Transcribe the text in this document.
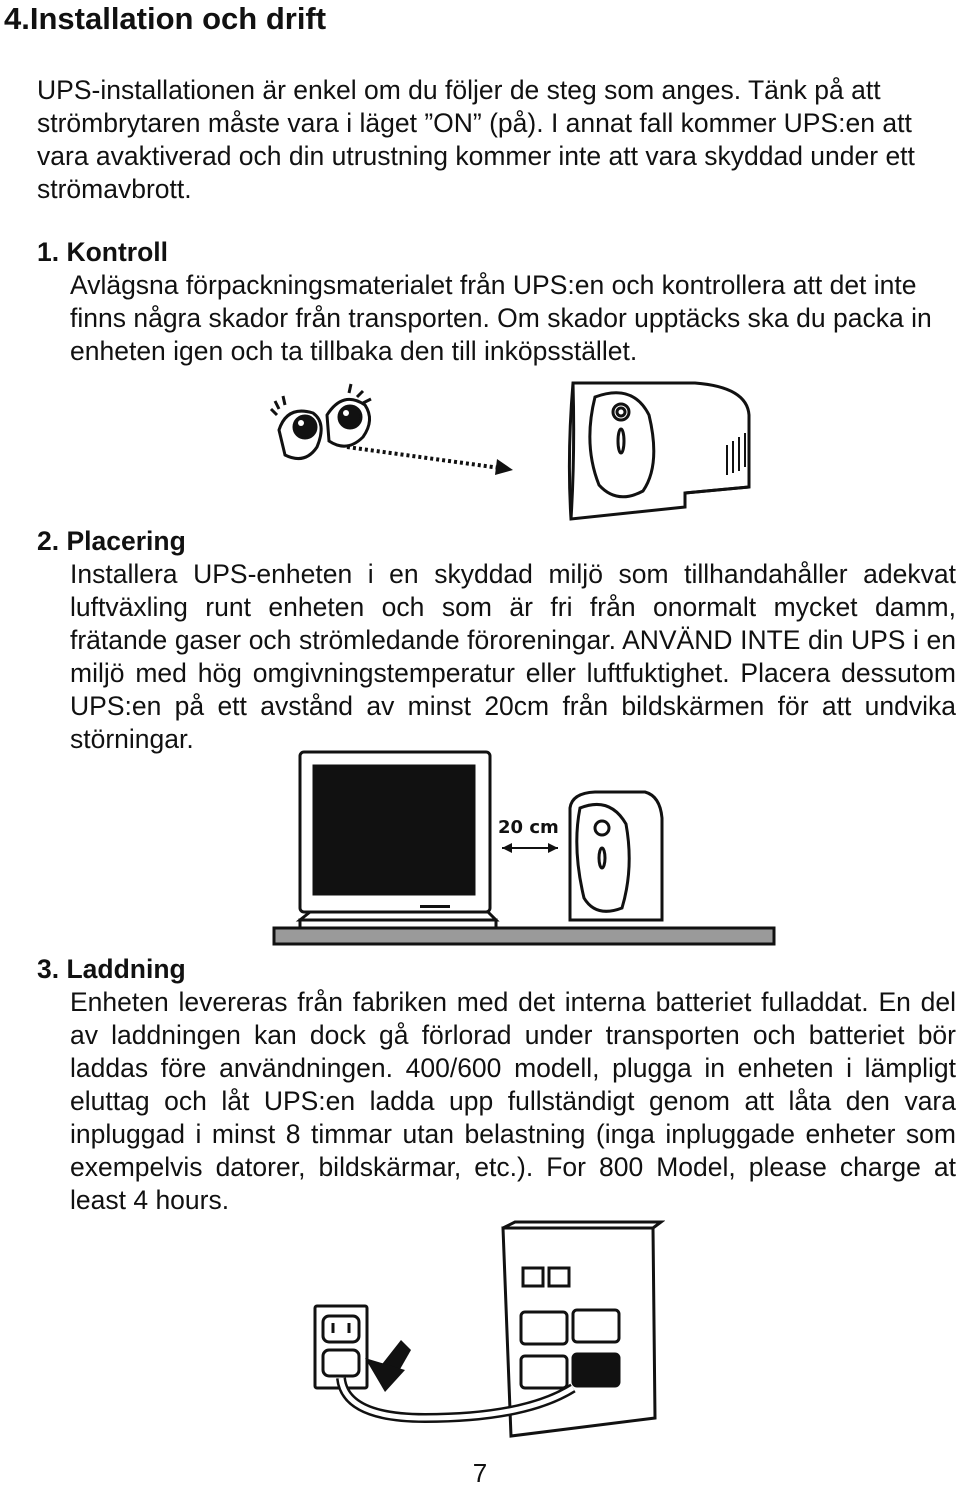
4.Installation och drift

UPS-installationen är enkel om du följer de steg som anges. Tänk på att strömbrytaren måste vara i läget ”ON” (på). I annat fall kommer UPS:en att vara avaktiverad och din utrustning kommer inte att vara skyddad under ett strömavbrott.

1. Kontroll

Avlägsna förpackningsmaterialet från UPS:en och kontrollera att det inte finns några skador från transporten. Om skador upptäcks ska du packa in enheten igen och ta tillbaka den till inköpsstället.

2. Placering

Installera UPS-enheten i en skyddad miljö som tillhandahåller adekvat luftväxling runt enheten och som är fri från onormalt mycket damm, frätande gaser och strömledande föroreningar. ANVÄND INTE din UPS i en miljö med hög omgivningstemperatur eller luftfuktighet. Placera dessutom UPS:en på ett avstånd av minst 20cm från bildskärmen för att undvika störningar.

20 cm
3. Laddning

Enheten levereras från fabriken med det interna batteriet fulladdat. En del av laddningen kan dock gå förlorad under transporten och batteriet bör laddas före användningen. 400/600 modell, plugga in enheten i lämpligt eluttag och låt UPS:en ladda upp fullständigt genom att låta den vara inpluggad i minst 8 timmar utan belastning (inga inpluggade enheter som exempelvis datorer, bildskärmar, etc.). For 800 Model, please charge at least 4 hours.

7
